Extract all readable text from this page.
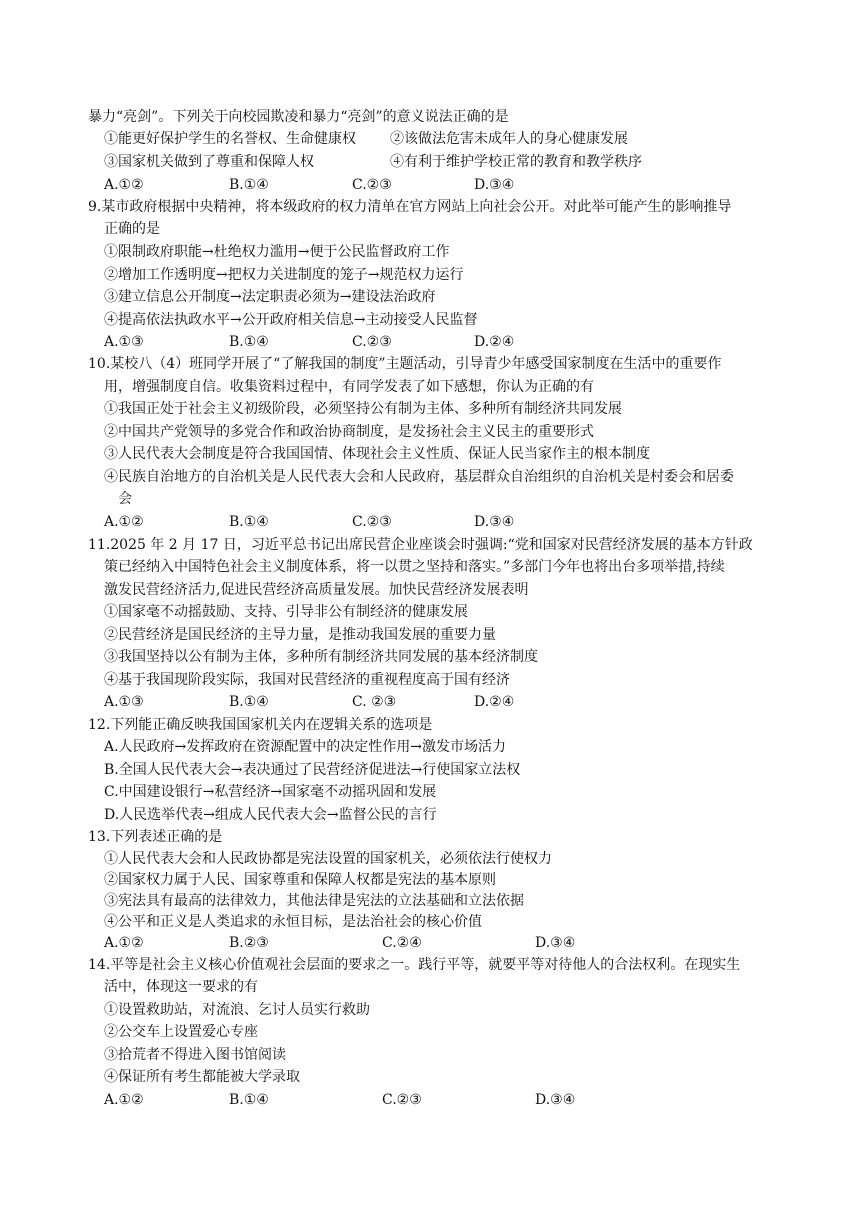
暴力“亮剑”。下列关于向校园欺凌和暴力“亮剑”的意义说法正确的是
①能更好保护学生的名誉权、生命健康权 ②该做法危害未成年人的身心健康发展
③国家机关做到了尊重和保障人权	④有利于维护学校正常的教育和教学秩序
A.①②	B.①④	C.②③	D.③④
9.某市政府根据中央精神，将本级政府的权力清单在官方网站上向社会公开。对此举可能产生的影响推导
正确的是
①限制政府职能→杜绝权力滥用→便于公民监督政府工作
②增加工作透明度→把权力关进制度的笼子→规范权力运行
③建立信息公开制度→法定职责必须为→建设法治政府
④提高依法执政水平→公开政府相关信息→主动接受人民监督
A.①③	B.①④	C.②③	D.②④
10.某校八（4）班同学开展了“了解我国的制度”主题活动，引导青少年感受国家制度在生活中的重要作
用，增强制度自信。收集资料过程中，有同学发表了如下感想，你认为正确的有
①我国正处于社会主义初级阶段，必须坚持公有制为主体、多种所有制经济共同发展
②中国共产党领导的多党合作和政治协商制度，是发扬社会主义民主的重要形式
③人民代表大会制度是符合我国国情、体现社会主义性质、保证人民当家作主的根本制度
④民族自治地方的自治机关是人民代表大会和人民政府，基层群众自治组织的自治机关是村委会和居委
会
A.①②	B.①④	C.②③	D.③④
11.2025 年 2 月 17 日，习近平总书记出席民营企业座谈会时强调:“党和国家对民营经济发展的基本方针政
策已经纳入中国特色社会主义制度体系，将一以贯之坚持和落实。”多部门今年也将出台多项举措,持续
激发民营经济活力,促进民营经济高质量发展。加快民营经济发展表明
①国家毫不动摇鼓励、支持、引导非公有制经济的健康发展
②民营经济是国民经济的主导力量，是推动我国发展的重要力量
③我国坚持以公有制为主体，多种所有制经济共同发展的基本经济制度
④基于我国现阶段实际，我国对民营经济的重视程度高于国有经济
A.①③	B.①④	C. ②③	D.②④
12.下列能正确反映我国国家机关内在逻辑关系的选项是
A.人民政府→发挥政府在资源配置中的决定性作用→激发市场活力
B.全国人民代表大会→表决通过了民营经济促进法→行使国家立法权
C.中国建设银行→私营经济→国家毫不动摇巩固和发展
D.人民选举代表→组成人民代表大会→监督公民的言行
13.下列表述正确的是
①人民代表大会和人民政协都是宪法设置的国家机关，必须依法行使权力
②国家权力属于人民、国家尊重和保障人权都是宪法的基本原则
③宪法具有最高的法律效力，其他法律是宪法的立法基础和立法依据
④公平和正义是人类追求的永恒目标，是法治社会的核心价值
A.①②	B.②③	C.②④	D.③④
14.平等是社会主义核心价值观社会层面的要求之一。践行平等，就要平等对待他人的合法权利。在现实生
活中，体现这一要求的有
①设置救助站，对流浪、乞讨人员实行救助
②公交车上设置爱心专座
③拾荒者不得进入图书馆阅读
④保证所有考生都能被大学录取
A.①②	B.①④	C.②③	D.③④
